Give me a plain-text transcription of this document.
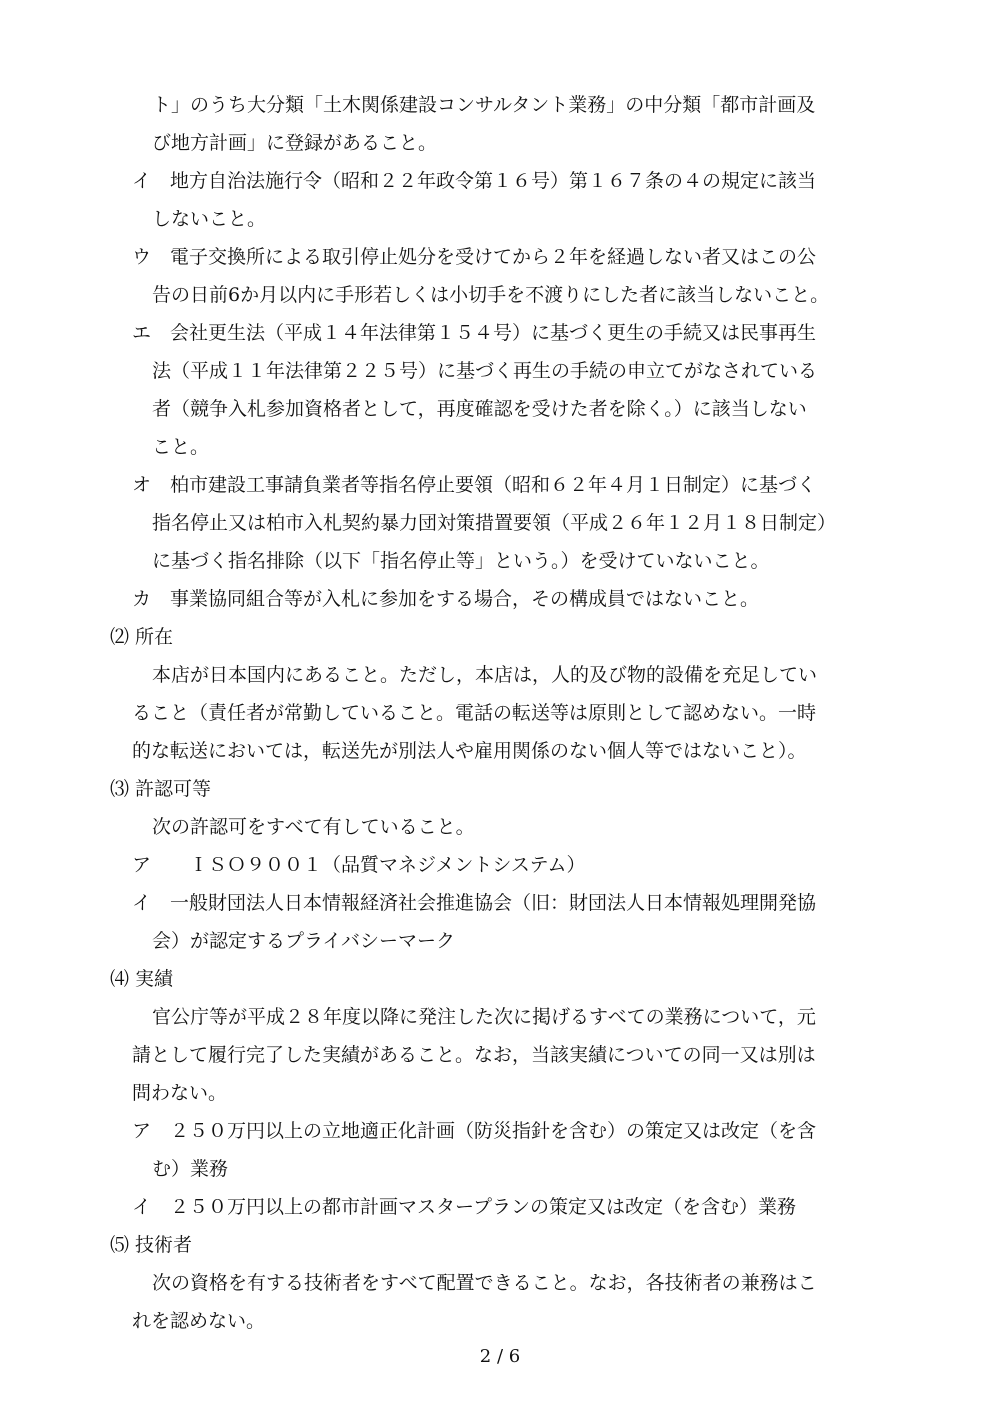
ト」のうち大分類「土木関係建設コンサルタント業務」の中分類「都市計画及

び地方計画」に登録があること。

イ　地方自治法施行令（昭和２２年政令第１６号）第１６７条の４の規定に該当

しないこと。

ウ　電子交換所による取引停止処分を受けてから２年を経過しない者又はこの公

告の日前6か月以内に手形若しくは小切手を不渡りにした者に該当しないこと。

エ　会社更生法（平成１４年法律第１５４号）に基づく更生の手続又は民事再生

法（平成１１年法律第２２５号）に基づく再生の手続の申立てがなされている

者（競争入札参加資格者として，再度確認を受けた者を除く。）に該当しない

こと。

オ　柏市建設工事請負業者等指名停止要領（昭和６２年４月１日制定）に基づく

指名停止又は柏市入札契約暴力団対策措置要領（平成２６年１２月１８日制定）

に基づく指名排除（以下「指名停止等」という。）を受けていないこと。

カ　事業協同組合等が入札に参加をする場合，その構成員ではないこと。

⑵ 所在

本店が日本国内にあること。ただし，本店は，人的及び物的設備を充足してい

ること（責任者が常勤していること。電話の転送等は原則として認めない。一時

的な転送においては，転送先が別法人や雇用関係のない個人等ではないこと）。

⑶ 許認可等

次の許認可をすべて有していること。

ア　　ＩＳＯ９００１（品質マネジメントシステム）

イ　一般財団法人日本情報経済社会推進協会（旧：財団法人日本情報処理開発協

会）が認定するプライバシーマーク

⑷ 実績

官公庁等が平成２８年度以降に発注した次に掲げるすべての業務について，元

請として履行完了した実績があること。なお，当該実績についての同一又は別は

問わない。

ア　２５０万円以上の立地適正化計画（防災指針を含む）の策定又は改定（を含

む）業務

イ　２５０万円以上の都市計画マスタープランの策定又は改定（を含む）業務

⑸ 技術者

次の資格を有する技術者をすべて配置できること。なお，各技術者の兼務はこ

れを認めない。

2 / 6
